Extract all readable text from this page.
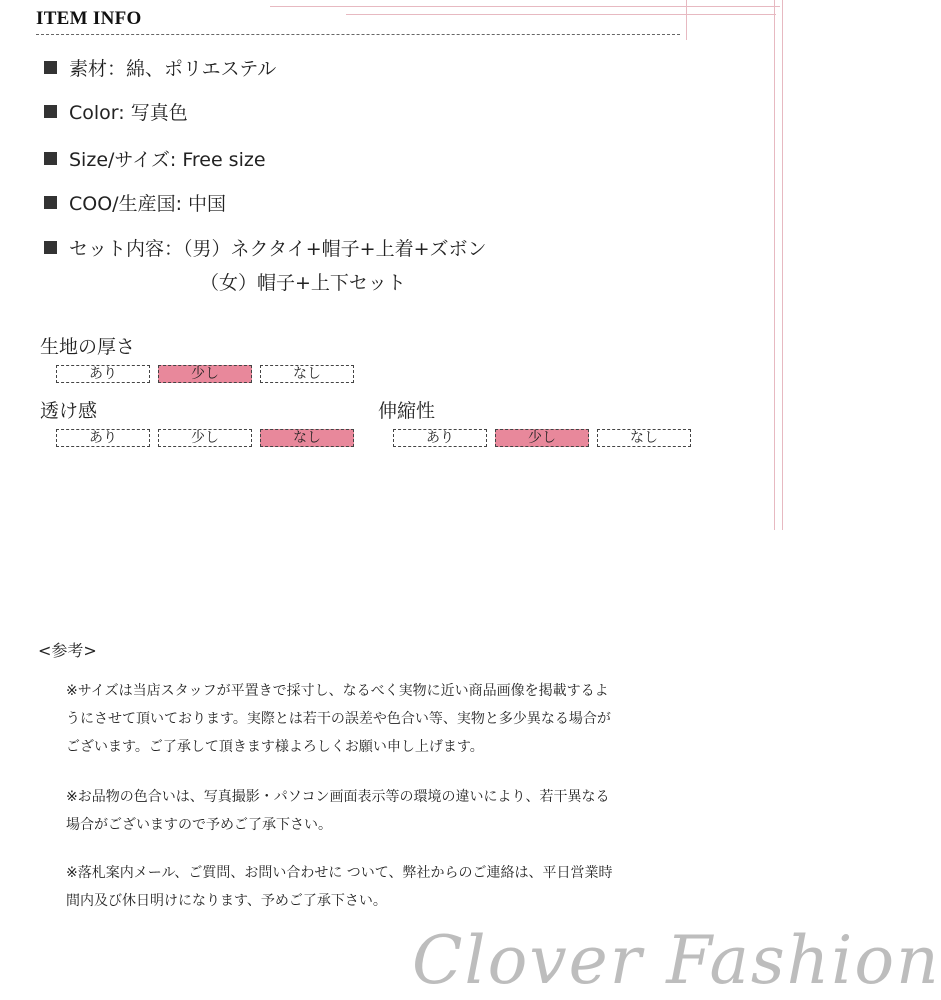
ITEM INFO
素材：綿、ポリエステル
Color: 写真色
Size/サイズ: Free size
COO/生産国: 中国
セット内容：（男）ネクタイ+帽子+上着+ズボン
（女）帽子+上下セット
生地の厚さ
あり	少し	なし
透け感
あり	少し	なし
伸縮性
あり	少し	なし
<参考>
※サイズは当店スタッフが平置きで採寸し、なるべく実物に近い商品画像を掲載するよ
うにさせて頂いております。実際とは若干の誤差や色合い等、実物と多少異なる場合が
ございます。ご了承して頂きます様よろしくお願い申し上げます。
※お品物の色合いは、写真撮影・パソコン画面表示等の環境の違いにより、若干異なる
場合がございますので予めご了承下さい。
※落札案内メール、ご質問、お問い合わせに ついて、弊社からのご連絡は、平日営業時
間内及び休日明けになります、予めご了承下さい。
Clover Fashion
